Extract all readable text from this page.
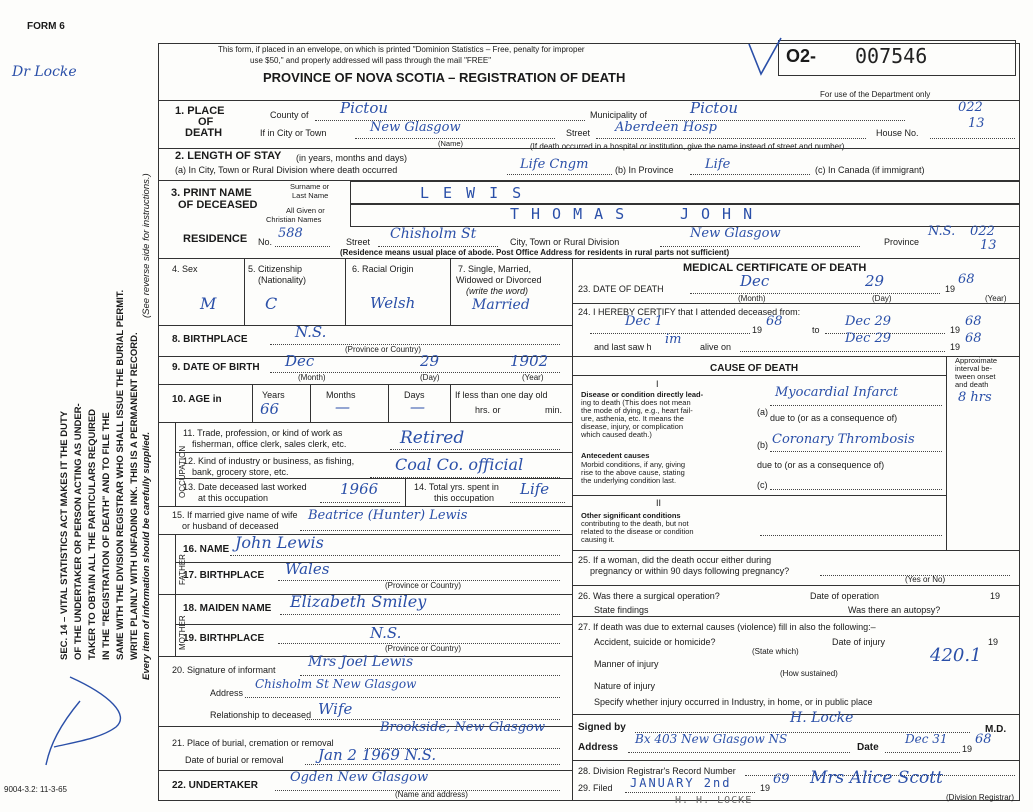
FORM 6
Dr Locke
This form, if placed in an envelope, on which is printed "Dominion Statistics – Free, penalty for improper
use $50," and properly addressed will pass through the mail "FREE"
PROVINCE OF NOVA SCOTIA – REGISTRATION OF DEATH
O2- 007546
For use of the Department only
022
13
SEC. 14 – VITAL STATISTICS ACT MAKES IT THE DUTY OF THE UNDERTAKER OR PERSON ACTING AS UNDER- TAKER TO OBTAIN ALL THE PARTICULARS REQUIRED IN THE "REGISTRATION OF DEATH" AND TO FILE THE SAME WITH THE DIVISION REGISTRAR WHO SHALL ISSUE THE BURIAL PERMIT. WRITE PLAINLY WITH UNFADING INK. THIS IS A PERMANENT RECORD. Every item of information should be carefully supplied.
(See reverse side for instructions.)
9004-3.2: 11-3-65
1. PLACE
OF
DEATH
County of Pictou	Municipality of	Pictou
If in City or Town	New Glasgow
(Name)
Street Aberdeen Hosp	House No.
(If death occurred in a hospital or institution, give the name instead of street and number)
2. LENGTH OF STAY (in years, months and days)
(a) In City, Town or Rural Division where death occurred	Life Cngm	(b) In Province Life	(c) In Canada (if immigrant)
3. PRINT NAME
OF DECEASED
Surname or
Last Name
All Given or
Christian Names
LEWIS
THOMAS	JOHN
RESIDENCE No.
588
Street Chisholm St	City, Town or Rural Division
New Glasgow
Province
N.S. 022
13
(Residence means usual place of abode. Post Office Address for residents in rural parts not sufficient)
4. Sex
M
5. Citizenship
(Nationality)
C
6. Racial Origin
Welsh
7. Single, Married,
Widowed or Divorced
(write the word)
Married
8. BIRTHPLACE	N.S.
(Province or Country)
9. DATE OF BIRTH Dec	29	1902
(Month)	(Day)	(Year)
10. AGE in	Years	Months	Days
66	—	—
If less than one day old
hrs. or	min.
OCCUPATION
11. Trade, profession, or kind of work as
fisherman, office clerk, sales clerk, etc.	Retired
12. Kind of industry or business, as fishing,
bank, grocery store, etc.	Coal Co. official
13. Date deceased last worked
at this occupation	1966	14. Total yrs. spent in
this occupation Life
15. If married give name of wife
or husband of deceased
Beatrice (Hunter) Lewis
FATHER
16. NAME John Lewis
17. BIRTHPLACE Wales
(Province or Country)
MOTHER
18. MAIDEN NAME Elizabeth Smiley
19. BIRTHPLACE	N.S.
(Province or Country)
20. Signature of informant Mrs Joel Lewis
Address
Chisholm St New Glasgow
Relationship to deceased Wife
21. Place of burial, cremation or removal
Brookside, New Glasgow
Date of burial or removal Jan 2 1969 N.S.
22. UNDERTAKER
Ogden New Glasgow
(Name and address)
MEDICAL CERTIFICATE OF DEATH
23. DATE OF DEATH	Dec	29	19
68
(Month)	(Day)	(Year)
24. I HEREBY CERTIFY that I attended deceased from:
Dec 1
19
68
to
Dec 29
19
68
and last saw h im alive on
Dec 29
19
68
CAUSE OF DEATH
Approximate
interval be-
tween onset
and death
I
Disease or condition directly lead-
ing to death (This does not mean
the mode of dying, e.g., heart fail-
ure, asthenia, etc. It means the
disease, injury, or complication
which caused death.)
(a)
Myocardial Infarct	8 hrs
due to (or as a consequence of)
Antecedent causes
Morbid conditions, if any, giving
rise to the above cause, stating
the underlying condition last.
(b) Coronary Thrombosis
due to (or as a consequence of)
(c)
II
Other significant conditions
contributing to the death, but not
related to the disease or condition
causing it.
25. If a woman, did the death occur either during
pregnancy or within 90 days following pregnancy?
(Yes or No)
26. Was there a surgical operation?	Date of operation	19
State findings	Was there an autopsy?
27. If death was due to external causes (violence) fill in also the following:–
Accident, suicide or homicide?	Date of injury	19
(State which)
Manner of injury	420.1
(How sustained)
Nature of injury
Specify whether injury occurred in Industry, in home, or in public place
Signed by
H. Locke
M.D.
Address
Bx 403 New Glasgow NS
Date
Dec 31
19
68
28. Division Registrar's Record Number
29. Filed JANUARY 2nd	19
69 Mrs Alice Scott
(Division Registrar)
H. H. LOCKE
